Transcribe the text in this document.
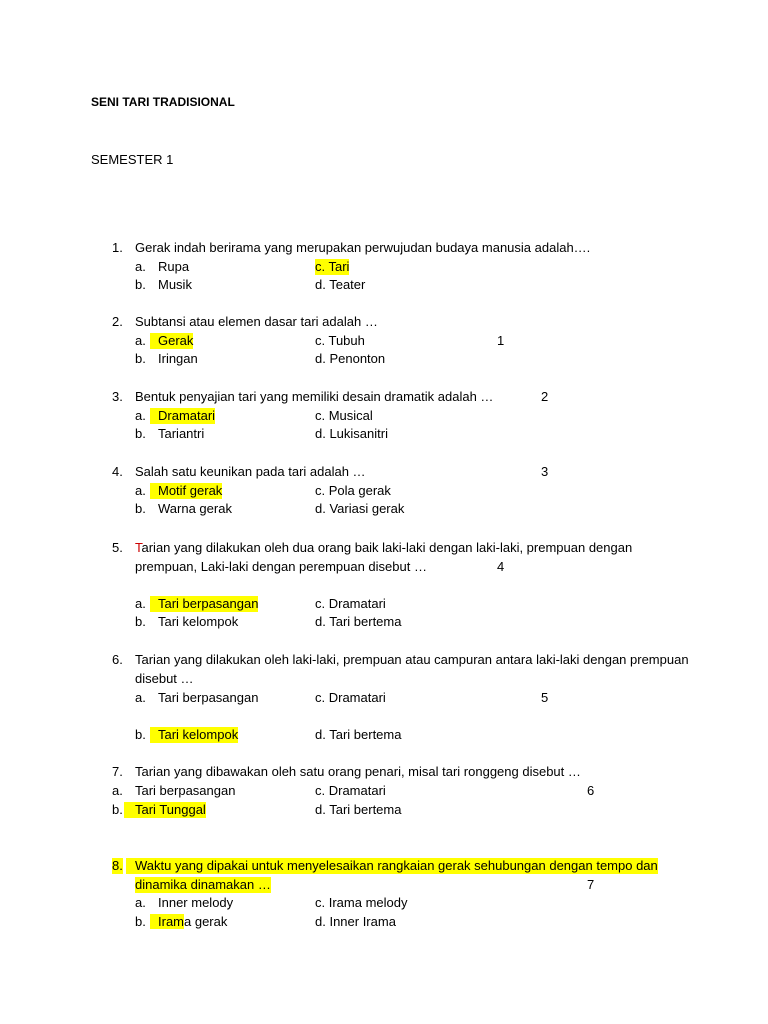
SENI TARI TRADISIONAL
SEMESTER 1
1. Gerak indah berirama yang merupakan perwujudan budaya manusia adalah….
a. Rupa	c. Tari
b. Musik	d. Teater
2. Subtansi atau elemen dasar tari adalah …
a. Gerak	c. Tubuh	1
b. Iringan	d. Penonton
3. Bentuk penyajian tari yang memiliki desain dramatik adalah …	2
a. Dramatari	c. Musical
b. Tariantri	d. Lukisanitri
4. Salah satu keunikan pada tari adalah …	3
a. Motif gerak	c. Pola gerak
b. Warna gerak	d. Variasi gerak
5. Tarian yang dilakukan oleh dua orang baik laki-laki dengan laki-laki, prempuan dengan
prempuan, Laki-laki dengan perempuan disebut …	4
a. Tari berpasangan	c. Dramatari
b. Tari kelompok	d. Tari bertema
6. Tarian yang dilakukan oleh laki-laki, prempuan atau campuran antara laki-laki dengan prempuan
disebut …
a. Tari berpasangan	c. Dramatari	5
b. Tari kelompok	d. Tari bertema
7. Tarian yang dibawakan oleh satu orang penari, misal tari ronggeng disebut …
a. Tari berpasangan	c. Dramatari	6
b. Tari Tunggal	d. Tari bertema
8. Waktu yang dipakai untuk menyelesaikan rangkaian gerak sehubungan dengan tempo dan
dinamika dinamakan …	7
a. Inner melody	c. Irama melody
b. Irama gerak	d. Inner Irama
